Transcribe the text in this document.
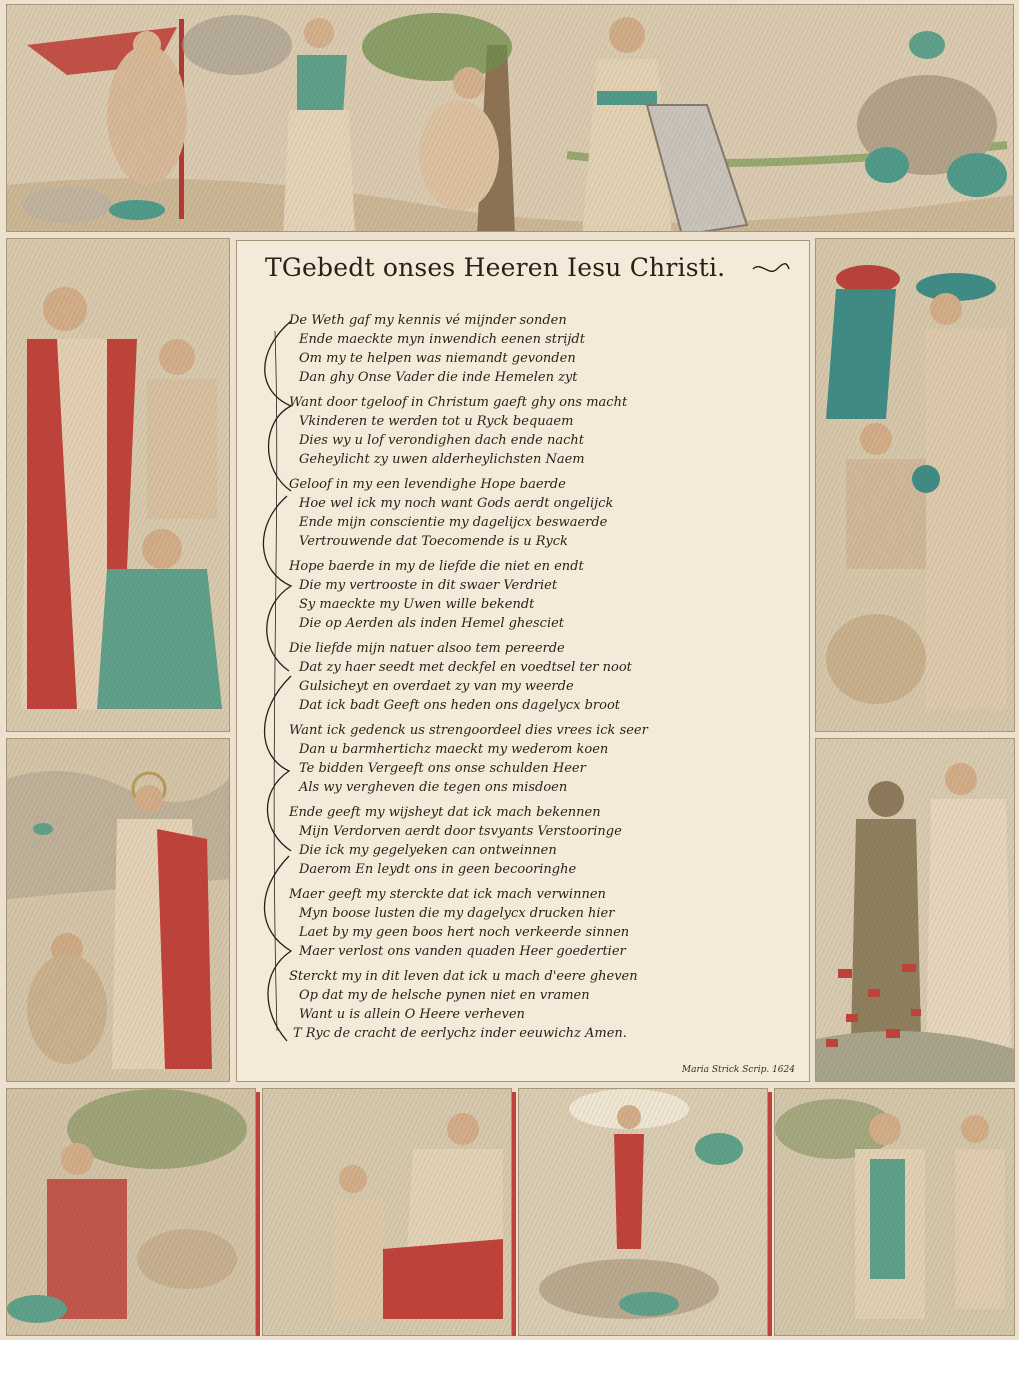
TGebedt onses Heeren Iesu Christi.
De Weth gaf my kennis vé mijnder sonden
Ende maeckte myn inwendich eenen strijdt
Om my te helpen was niemandt gevonden
Dan ghy Onse Vader die inde Hemelen zyt
Want door tgeloof in Christum gaeft ghy ons macht
Vkinderen te werden tot u Ryck bequaem
Dies wy u lof verondighen dach ende nacht
Geheylicht zy uwen alderheylichsten Naem
Geloof in my een levendighe Hope baerde
Hoe wel ick my noch want Gods aerdt ongelijck
Ende mijn conscientie my dagelijcx beswaerde
Vertrouwende dat Toecomende is u Ryck
Hope baerde in my de liefde die niet en endt
Die my vertrooste in dit swaer Verdriet
Sy maeckte my Uwen wille bekendt
Die op Aerden als inden Hemel ghesciet
Die liefde mijn natuer alsoo tem pereerde
Dat zy haer seedt met deckfel en voedtsel ter noot
Gulsicheyt en overdaet zy van my weerde
Dat ick badt Geeft ons heden ons dagelycx broot
Want ick gedenck us strengoordeel dies vrees ick seer
Dan u barmhertichz maeckt my wederom koen
Te bidden Vergeeft ons onse schulden Heer
Als wy vergheven die tegen ons misdoen
Ende geeft my wijsheyt dat ick mach bekennen
Mijn Verdorven aerdt door tsvyants Verstooringe
Die ick my gegelyeken can ontweinnen
Daerom En leydt ons in geen becooringhe
Maer geeft my sterckte dat ick mach verwinnen
Myn boose lusten die my dagelycx drucken hier
Laet by my geen boos hert noch verkeerde sinnen
Maer verlost ons vanden quaden Heer goedertier
Sterckt my in dit leven dat ick u mach d'eere gheven
Op dat my de helsche pynen niet en vramen
Want u is allein O Heere verheven
T Ryc de cracht de eerlychz inder eeuwichz Amen.
Maria Strick Scrip. 1624
